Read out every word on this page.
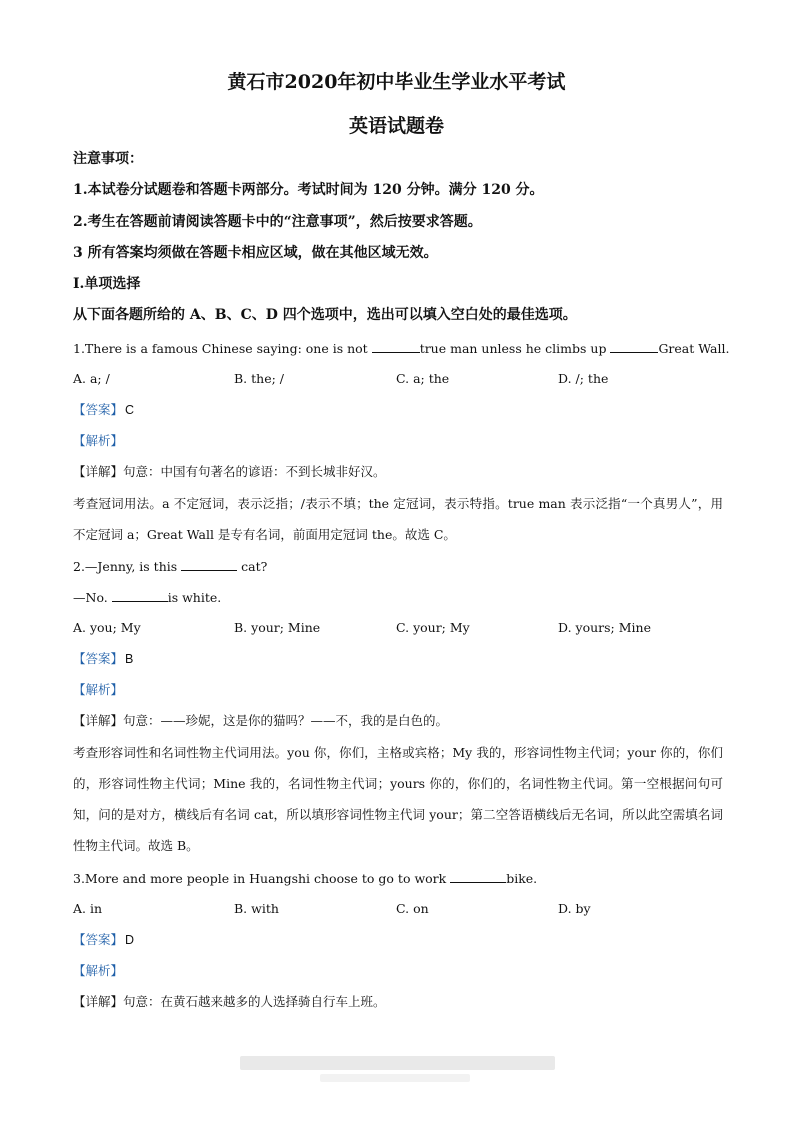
黄石市2020年初中毕业生学业水平考试
英语试题卷
注意事项：
1.本试卷分试题卷和答题卡两部分。考试时间为 120 分钟。满分 120 分。
2.考生在答题前请阅读答题卡中的“注意事项”，然后按要求答题。
3 所有答案均须做在答题卡相应区域，做在其他区域无效。
I.单项选择
从下面各题所给的 A、B、C、D 四个选项中，选出可以填入空白处的最佳选项。
1.There is a famous Chinese saying: one is not	true man unless he climbs up	Great Wall.
A. a; /	B. the; /	C. a; the	D. /; the
【答案】 C
【解析】
【详解】句意：中国有句著名的谚语：不到长城非好汉。
考查冠词用法。a 不定冠词，表示泛指；/表示不填；the 定冠词，表示特指。true man 表示泛指“一个真男人”，用不定冠词 a；Great Wall 是专有名词，前面用定冠词 the。故选 C。
2.—Jenny, is this	cat?
—No.	is white.
A. you; My	B. your; Mine	C. your; My	D. yours; Mine
【答案】 B
【解析】
【详解】句意：——珍妮，这是你的猫吗？——不，我的是白色的。
考查形容词性和名词性物主代词用法。you 你，你们，主格或宾格；My 我的，形容词性物主代词；your 你的，你们的，形容词性物主代词；Mine 我的，名词性物主代词；yours 你的，你们的，名词性物主代词。第一空根据问句可知，问的是对方，横线后有名词 cat，所以填形容词性物主代词 your；第二空答语横线后无名词，所以此空需填名词性物主代词。故选 B。
3.More and more people in Huangshi choose to go to work	bike.
A. in	B. with	C. on	D. by
【答案】 D
【解析】
【详解】句意：在黄石越来越多的人选择骑自行车上班。
